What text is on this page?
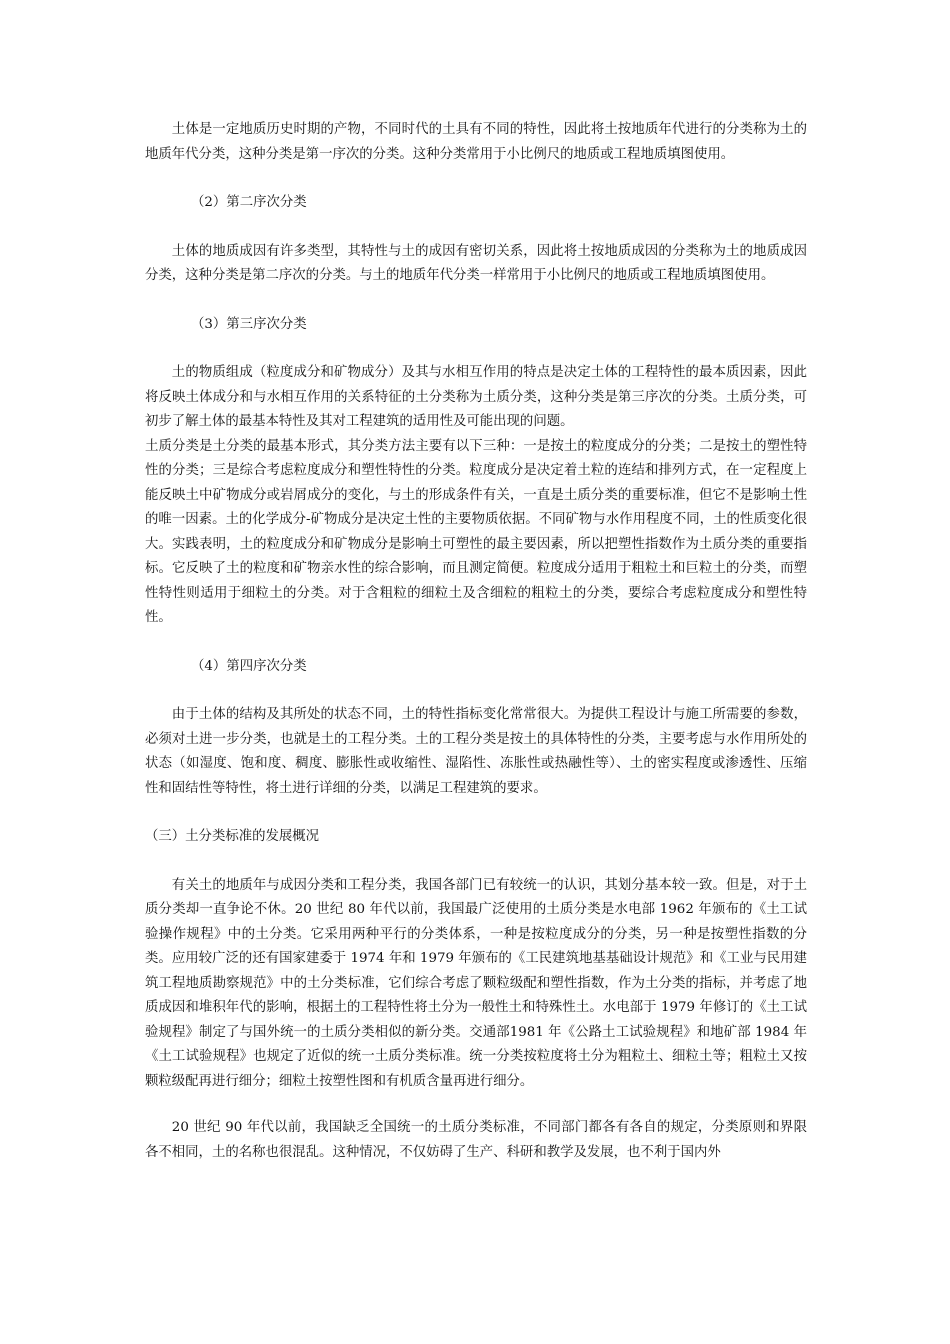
土体是一定地质历史时期的产物，不同时代的土具有不同的特性，因此将土按地质年代进行的分类称为土的地质年代分类，这种分类是第一序次的分类。这种分类常用于小比例尺的地质或工程地质填图使用。

（2）第二序次分类

土体的地质成因有许多类型，其特性与土的成因有密切关系，因此将土按地质成因的分类称为土的地质成因分类，这种分类是第二序次的分类。与土的地质年代分类一样常用于小比例尺的地质或工程地质填图使用。

（3）第三序次分类

土的物质组成（粒度成分和矿物成分）及其与水相互作用的特点是决定土体的工程特性的最本质因素，因此将反映土体成分和与水相互作用的关系特征的土分类称为土质分类，这种分类是第三序次的分类。土质分类，可初步了解土体的最基本特性及其对工程建筑的适用性及可能出现的问题。

土质分类是土分类的最基本形式，其分类方法主要有以下三种：一是按土的粒度成分的分类；二是按土的塑性特性的分类；三是综合考虑粒度成分和塑性特性的分类。粒度成分是决定着土粒的连结和排列方式，在一定程度上能反映土中矿物成分或岩屑成分的变化，与土的形成条件有关，一直是土质分类的重要标准，但它不是影响土性的唯一因素。土的化学成分-矿物成分是决定土性的主要物质依据。不同矿物与水作用程度不同，土的性质变化很大。实践表明，土的粒度成分和矿物成分是影响土可塑性的最主要因素，所以把塑性指数作为土质分类的重要指标。它反映了土的粒度和矿物亲水性的综合影响，而且测定简便。粒度成分适用于粗粒土和巨粒土的分类，而塑性特性则适用于细粒土的分类。对于含粗粒的细粒土及含细粒的粗粒土的分类，要综合考虑粒度成分和塑性特性。

（4）第四序次分类

由于土体的结构及其所处的状态不同，土的特性指标变化常常很大。为提供工程设计与施工所需要的参数，必须对土进一步分类，也就是土的工程分类。土的工程分类是按土的具体特性的分类，主要考虑与水作用所处的状态（如湿度、饱和度、稠度、膨胀性或收缩性、湿陷性、冻胀性或热融性等）、土的密实程度或渗透性、压缩性和固结性等特性，将土进行详细的分类，以满足工程建筑的要求。

（三）土分类标准的发展概况

有关土的地质年与成因分类和工程分类，我国各部门已有较统一的认识，其划分基本较一致。但是，对于土质分类却一直争论不休。20 世纪 80 年代以前，我国最广泛使用的土质分类是水电部 1962 年颁布的《土工试验操作规程》中的土分类。它采用两种平行的分类体系，一种是按粒度成分的分类，另一种是按塑性指数的分类。应用较广泛的还有国家建委于 1974 年和 1979 年颁布的《工民建筑地基基础设计规范》和《工业与民用建筑工程地质勘察规范》中的土分类标准，它们综合考虑了颗粒级配和塑性指数，作为土分类的指标，并考虑了地质成因和堆积年代的影响，根据土的工程特性将土分为一般性土和特殊性土。水电部于 1979 年修订的《土工试验规程》制定了与国外统一的土质分类相似的新分类。交通部1981 年《公路土工试验规程》和地矿部 1984 年《土工试验规程》也规定了近似的统一土质分类标准。统一分类按粒度将土分为粗粒土、细粒土等；粗粒土又按颗粒级配再进行细分；细粒土按塑性图和有机质含量再进行细分。

20 世纪 90 年代以前，我国缺乏全国统一的土质分类标准，不同部门都各有各自的规定，分类原则和界限各不相同，土的名称也很混乱。这种情况，不仅妨碍了生产、科研和教学及发展，也不利于国内外
